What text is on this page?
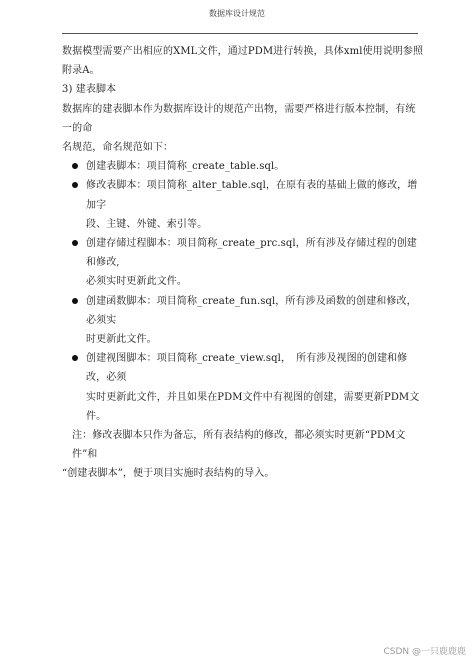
数据库设计规范

数据模型需要产出相应的XML文件，通过PDM进行转换，具体xml使用说明参照附录A。

3) 建表脚本

数据库的建表脚本作为数据库设计的规范产出物，需要严格进行版本控制，有统一的命

名规范，命名规范如下：

创建表脚本：项目简称_create_table.sql。
修改表脚本：项目简称_alter_table.sql，在原有表的基础上做的修改，增加字
段、主键、外键、索引等。
创建存储过程脚本：项目简称_create_prc.sql，所有涉及存储过程的创建和修改,
必须实时更新此文件。
创建函数脚本：项目简称_create_fun.sql，所有涉及函数的创建和修改，必须实
时更新此文件。
创建视图脚本：项目简称_create_view.sql，　所有涉及视图的创建和修改，必须
实时更新此文件，并且如果在PDM文件中有视图的创建，需要更新PDM文件。

注：修改表脚本只作为备忘，所有表结构的修改，都必须实时更新“PDM文件”和

“创建表脚本”，便于项目实施时表结构的导入。

CSDN @一只鹿鹿鹿
